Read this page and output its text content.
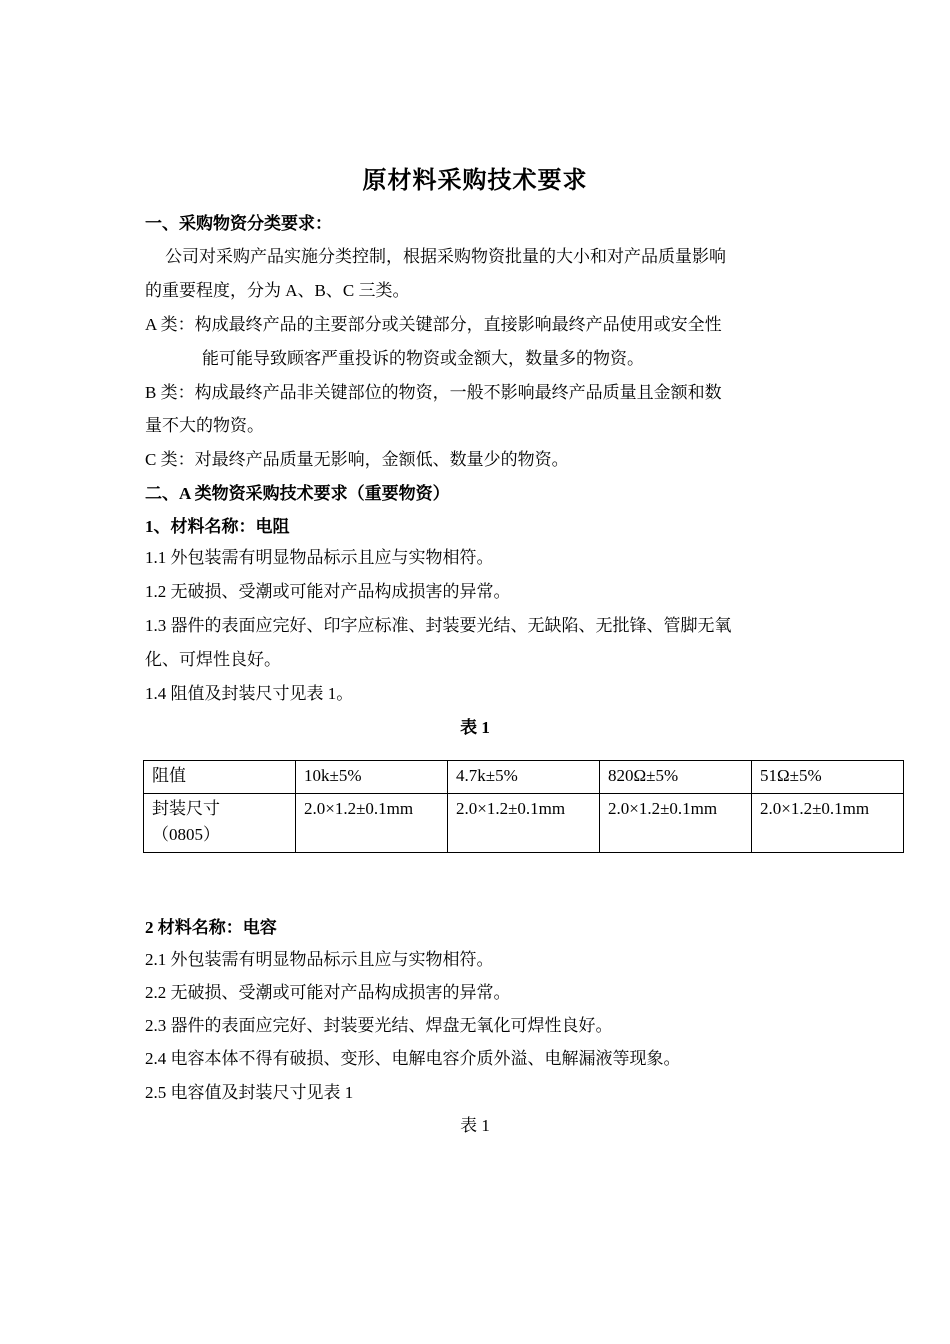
原材料采购技术要求
一、采购物资分类要求：
公司对采购产品实施分类控制，根据采购物资批量的大小和对产品质量影响
的重要程度，分为 A、B、C 三类。
A 类：构成最终产品的主要部分或关键部分，直接影响最终产品使用或安全性
能可能导致顾客严重投诉的物资或金额大，数量多的物资。
B 类：构成最终产品非关键部位的物资，一般不影响最终产品质量且金额和数
量不大的物资。
C 类：对最终产品质量无影响，金额低、数量少的物资。
二、A 类物资采购技术要求（重要物资）
1、材料名称：电阻
1.1 外包装需有明显物品标示且应与实物相符。
1.2 无破损、受潮或可能对产品构成损害的异常。
1.3 器件的表面应完好、印字应标准、封装要光结、无缺陷、无批锋、管脚无氧
化、可焊性良好。
1.4 阻值及封装尺寸见表 1。
表 1
阻值	10k±5%	4.7k±5%	820Ω±5%	51Ω±5%

封装尺寸
（0805）	2.0×1.2±0.1mm	2.0×1.2±0.1mm	2.0×1.2±0.1mm	2.0×1.2±0.1mm
2 材料名称：电容
2.1 外包装需有明显物品标示且应与实物相符。
2.2 无破损、受潮或可能对产品构成损害的异常。
2.3 器件的表面应完好、封装要光结、焊盘无氧化可焊性良好。
2.4 电容本体不得有破损、变形、电解电容介质外溢、电解漏液等现象。
2.5 电容值及封装尺寸见表 1
表 1
